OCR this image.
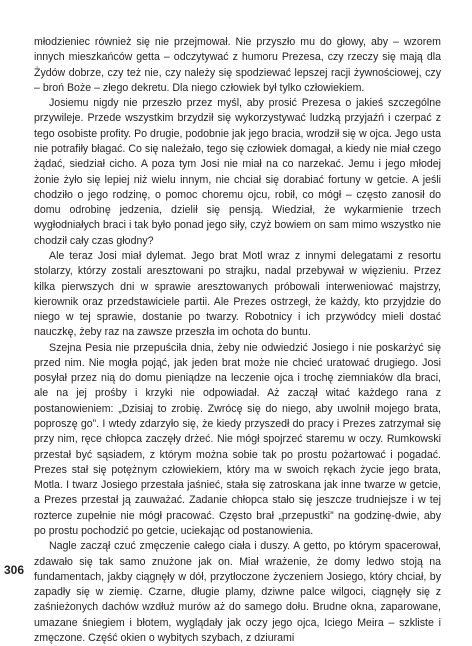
młodzieniec również się nie przejmował. Nie przyszło mu do głowy, aby – wzorem innych mieszkańców getta – odczytywać z humoru Prezesa, czy rzeczy się mają dla Żydów dobrze, czy też nie, czy należy się spodziewać lepszej racji żywnościowej, czy – broń Boże – złego dekretu. Dla niego człowiek był tylko człowiekiem.

Josiemu nigdy nie przeszło przez myśl, aby prosić Prezesa o jakieś szczególne przywileje. Przede wszystkim brzydził się wykorzystywać ludzką przyjaźń i czerpać z tego osobiste profity. Po drugie, podobnie jak jego bracia, wrodził się w ojca. Jego usta nie potrafiły błagać. Co się należało, tego się człowiek domagał, a kiedy nie miał czego żądać, siedział cicho. A poza tym Josi nie miał na co narzekać. Jemu i jego młodej żonie żyło się lepiej niż wielu innym, nie chciał się dorabiać fortuny w getcie. A jeśli chodziło o jego rodzinę, o pomoc choremu ojcu, robił, co mógł – często zanosił do domu odrobinę jedzenia, dzielił się pensją. Wiedział, że wykarmienie trzech wygłodniałych braci i tak było ponad jego siły, czyż bowiem on sam mimo wszystko nie chodził cały czas głodny?

Ale teraz Josi miał dylemat. Jego brat Motl wraz z innymi delegatami z resortu stolarzy, którzy zostali aresztowani po strajku, nadal przebywał w więzieniu. Przez kilka pierwszych dni w sprawie aresztowanych próbowali interweniować majstrzy, kierownik oraz przedstawiciele partii. Ale Prezes ostrzegł, że każdy, kto przyjdzie do niego w tej sprawie, dostanie po twarzy. Robotnicy i ich przywódcy mieli dostać nauczkę, żeby raz na zawsze przeszła im ochota do buntu.

Szejna Pesia nie przepuściła dnia, żeby nie odwiedzić Josiego i nie poskarżyć się przed nim. Nie mogła pojąć, jak jeden brat może nie chcieć uratować drugiego. Josi posyłał przez nią do domu pieniądze na leczenie ojca i trochę ziemniaków dla braci, ale na jej prośby i krzyki nie odpowiadał. Aż zaczął witać każdego rana z postanowieniem: „Dzisiaj to zrobię. Zwrócę się do niego, aby uwolnił mojego brata, poproszę go”. I wtedy zdarzyło się, że kiedy przyszedł do pracy i Prezes zatrzymał się przy nim, ręce chłopca zaczęły drżeć. Nie mógł spojrzeć staremu w oczy. Rumkowski przestał być sąsiadem, z którym można sobie tak po prostu pożartować i pogadać. Prezes stał się potężnym człowiekiem, który ma w swoich rękach życie jego brata, Motla. I twarz Josiego przestała jaśnieć, stała się zatroskana jak inne twarze w getcie, a Prezes przestał ją zauważać. Zadanie chłopca stało się jeszcze trudniejsze i w tej rozterce zupełnie nie mógł pracować. Często brał „przepustki” na godzinę-dwie, aby po prostu pochodzić po getcie, uciekając od postanowienia.

Nagle zaczął czuć zmęczenie całego ciała i duszy. A getto, po którym spacerował, zdawało się tak samo znużone jak on. Miał wrażenie, że domy ledwo stoją na fundamentach, jakby ciągnęły w dół, przytłoczone życzeniem Josiego, który chciał, by zapadły się w ziemię. Czarne, długie plamy, dziwne palce wilgoci, ciągnęły się z zaśnieżonych dachów wzdłuż murów aż do samego dołu. Brudne okna, zaparowane, umazane śniegiem i błotem, wyglądały jak oczy jego ojca, Iciego Meira – szkliste i zmęczone. Część okien o wybitych szybach, z dziurami

306
